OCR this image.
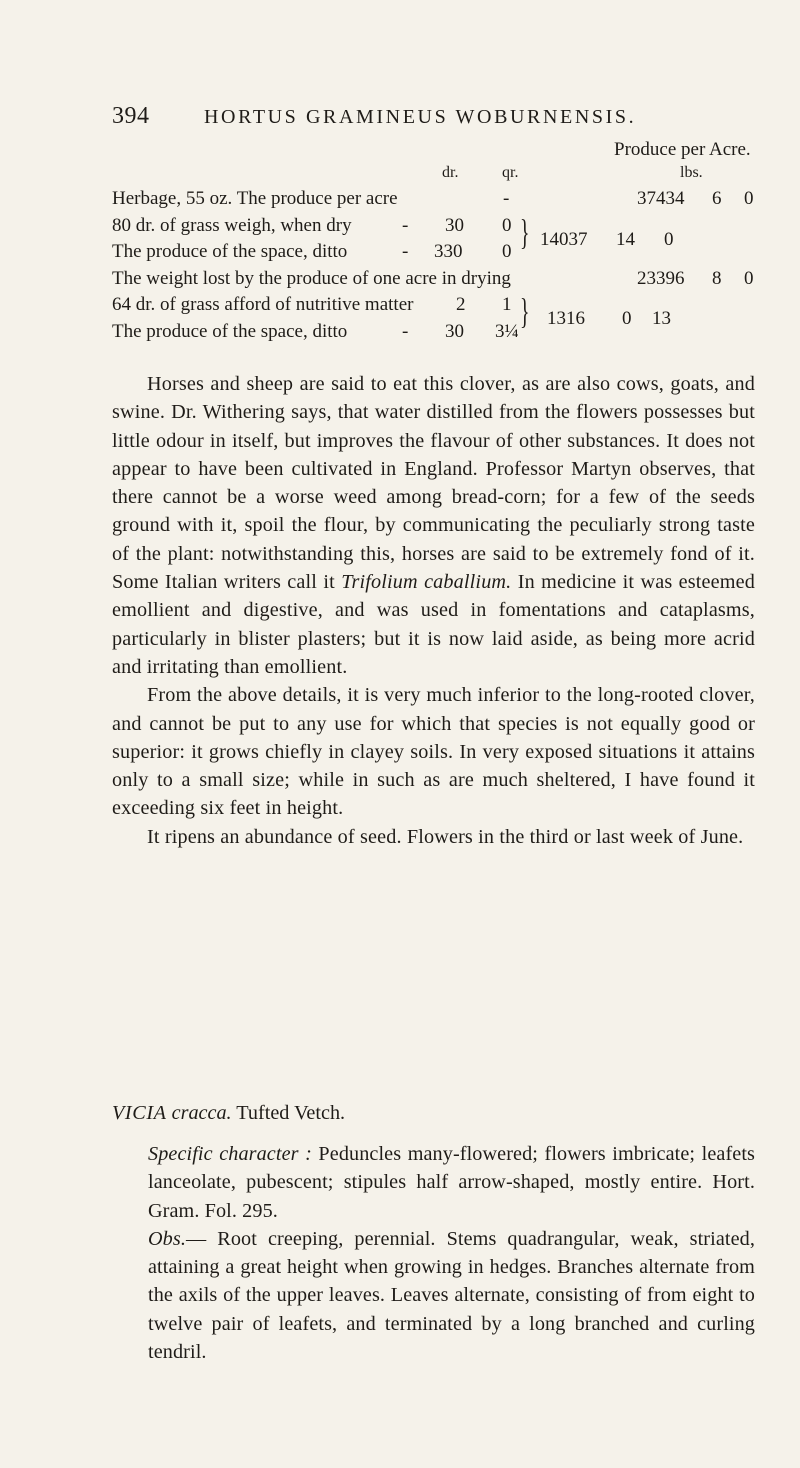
394	HORTUS GRAMINEUS WOBURNENSIS.
Produce per Acre.
dr.	qr.	lbs.
Herbage, 55 oz. The produce per acre	-	37434 6 0
80 dr. of grass weigh, when dry	- 30 0
The produce of the space, ditto	- 330 0 } 14037 14 0
The weight lost by the produce of one acre in drying	23396 8 0
64 dr. of grass afford of nutritive matter 2 1
The produce of the space, ditto	- 30 3¼
} 1316 0 13

Horses and sheep are said to eat this clover, as are also cows, goats, and swine. Dr. Withering says, that water distilled from the flowers possesses but little odour in itself, but improves the flavour of other substances. It does not appear to have been cultivated in England. Professor Martyn observes, that there cannot be a worse weed among bread-corn; for a few of the seeds ground with it, spoil the flour, by communicating the peculiarly strong taste of the plant: notwithstanding this, horses are said to be extremely fond of it. Some Italian writers call it Trifolium caballium. In medicine it was esteemed emollient and digestive, and was used in fomentations and cataplasms, particularly in blister plasters; but it is now laid aside, as being more acrid and irritating than emollient.

From the above details, it is very much inferior to the long-rooted clover, and cannot be put to any use for which that species is not equally good or superior: it grows chiefly in clayey soils. In very exposed situations it attains only to a small size; while in such as are much sheltered, I have found it exceeding six feet in height.

It ripens an abundance of seed. Flowers in the third or last week of June.

VICIA cracca. Tufted Vetch.

Specific character : Peduncles many-flowered; flowers imbricate; leafets lanceolate, pubescent; stipules half arrow-shaped, mostly entire. Hort. Gram. Fol. 295.

Obs.— Root creeping, perennial. Stems quadrangular, weak, striated, attaining a great height when growing in hedges. Branches alternate from the axils of the upper leaves. Leaves alternate, consisting of from eight to twelve pair of leafets, and terminated by a long branched and curling tendril.
